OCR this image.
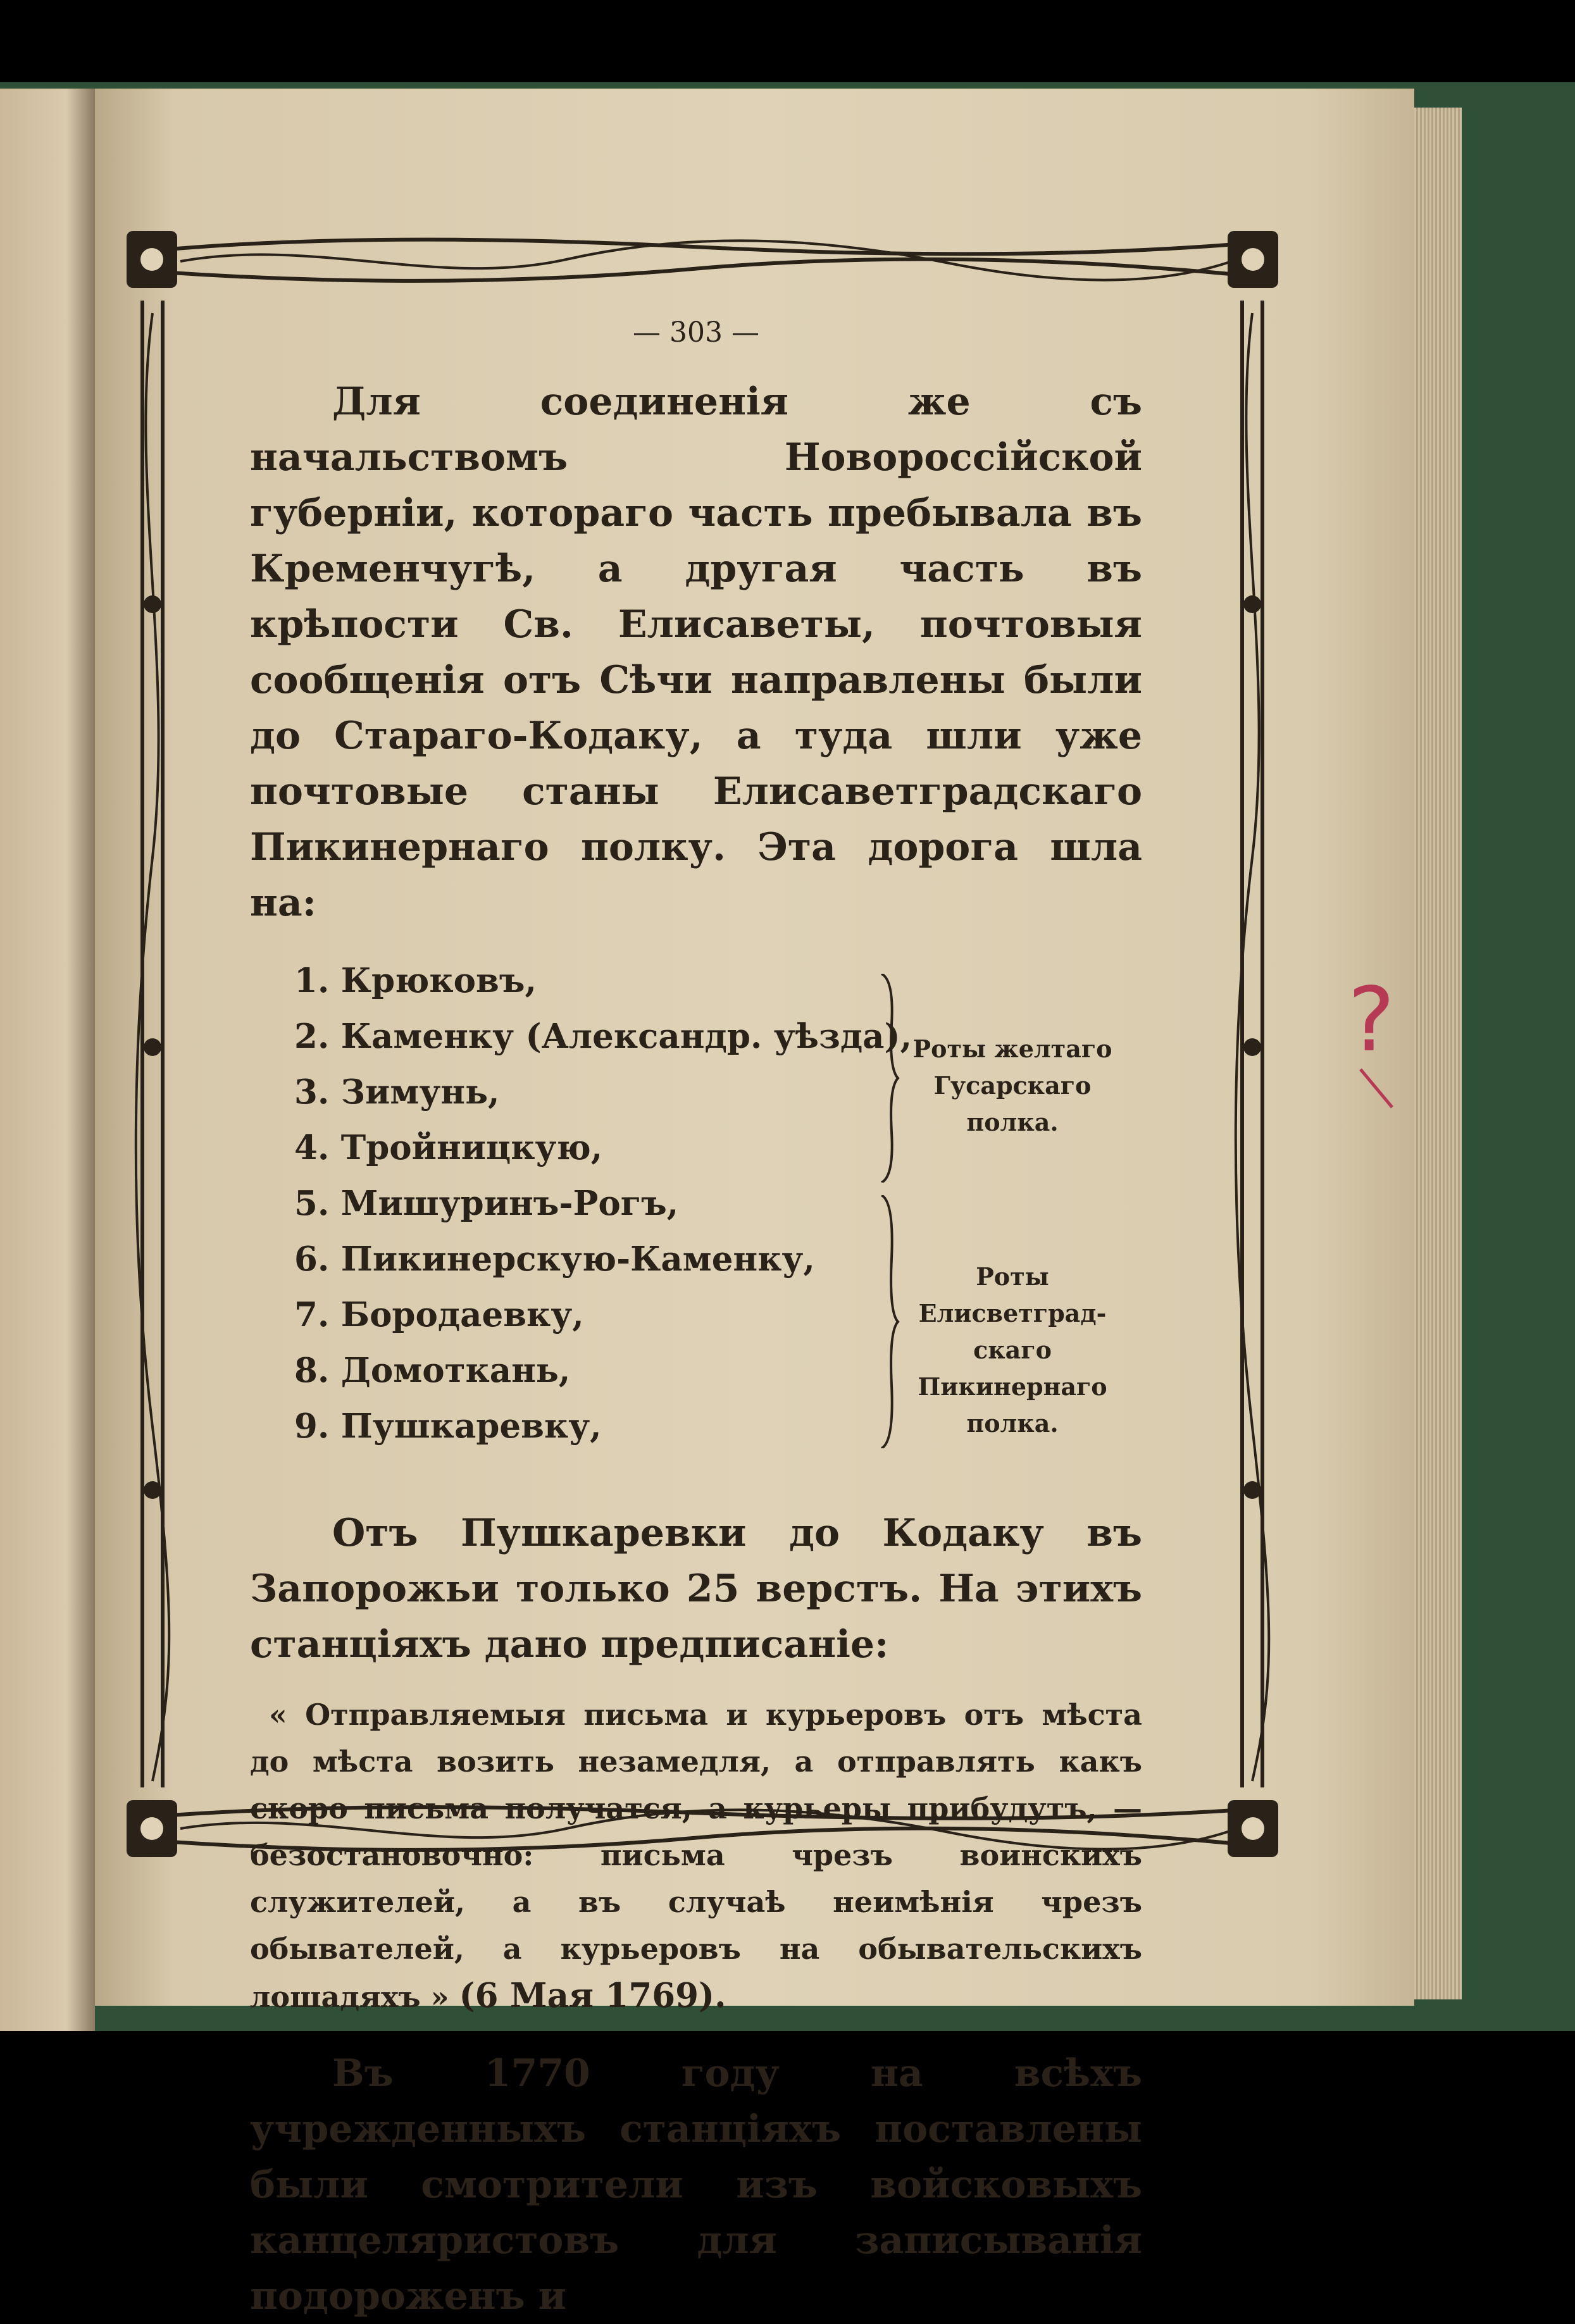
— 303 —

Для соединенія же съ начальствомъ Новороссійской губерніи, котораго часть пребывала въ Кременчугѣ, а другая часть въ крѣпости Св. Елисаветы, почтовыя сообщенія отъ Сѣчи направлены были до Стараго-Кодаку, а туда шли уже почтовые станы Елисаветградскаго Пикинернаго полку. Эта дорога шла на:

1. Крюковъ,
2. Каменку (Александр. уѣзда),
3. Зимунь,
4. Тройницкую,
5. Мишуринъ-Рогъ,
6. Пикинерскую-Каменку,
7. Бородаевку,
8. Домоткань,
9. Пушкаревку,
Роты желтаго
Гусарскаго полка.
Роты Елисветград-
скаго Пикинернаго
полка.

Отъ Пушкаревки до Кодаку въ Запорожьи только 25 верстъ. На этихъ станціяхъ дано предписаніе:

« Отправляемыя письма и курьеровъ отъ мѣста до мѣста возить незамедля, а отправлять какъ скоро письма получатся, а курьеры прибудутъ, — безостановочно: письма чрезъ воинскихъ служителей, а въ случаѣ неимѣнія чрезъ обывателей, а курьеровъ на обывательскихъ лошадяхъ » (6 Мая 1769).

Въ 1770 году на всѣхъ учрежденныхъ станціяхъ поставлены были смотрители изъ войсковыхъ канцеляристовъ для записыванія подороженъ и

?
